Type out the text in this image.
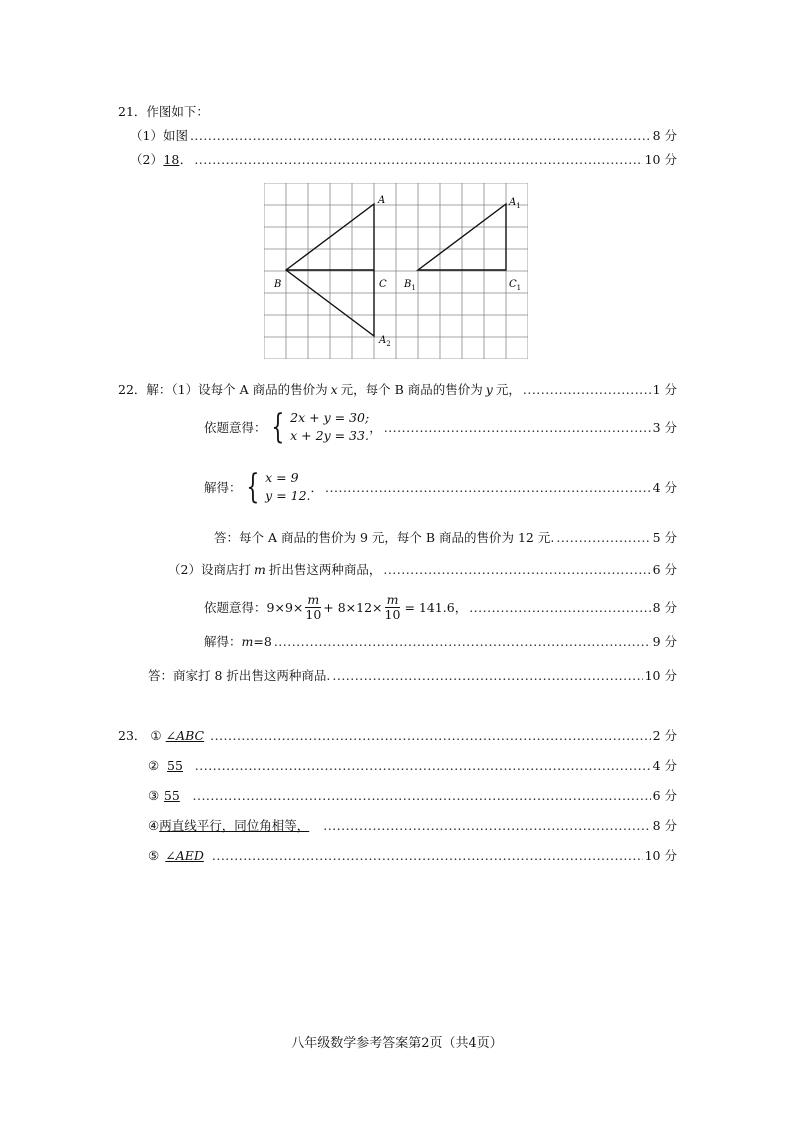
21．作图如下：
（1）如图 .....	8 分
（2） 18 ． .....	10 分
A
B	C
$A_2$
$A_1$
$B_1$	$C_1$
22．解：（1）设每个 A 商品的售价为 x 元，每个 B 商品的售价为 y 元， .....	1 分
依题意得： { 2x + y = 30;
x + 2y = 33.
， .....	3 分
解得： { x = 9
y = 12.
． .....	4 分
答：每个 A 商品的售价为 9 元，每个 B 商品的售价为 12 元. .....	5 分
（2）设商店打 m 折出售这两种商品， .....	6 分
依题意得： $9\times 9\times \frac{m}{10} + 8\times 12\times \frac{m}{10} = 141.6$ ， .....	8 分
解得： m =8 .....	9 分
答：商家打 8 折出售这两种商品. .....	10 分
23． ① ∠ABC .....	2 分
② 55 .....	4 分
③ 55 .....	6 分
④ 两直线平行，同位角相等， .....	8 分
⑤ ∠AED .....	10 分
八年级数学参考答案第2页（共4页）
